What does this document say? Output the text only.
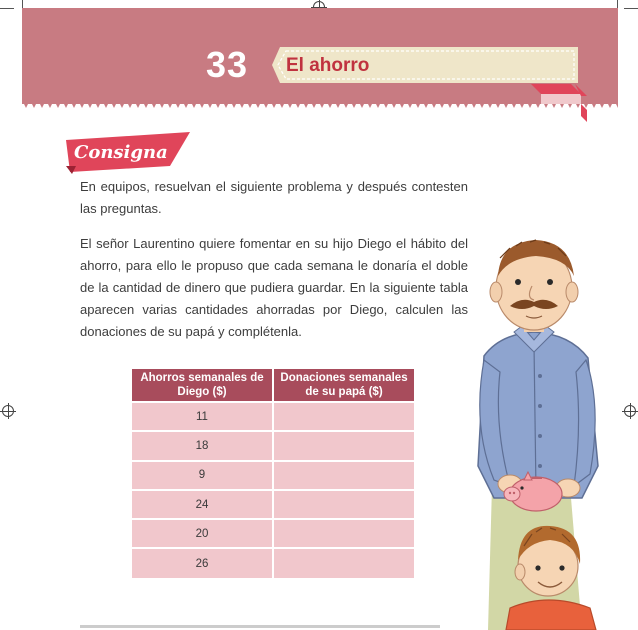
33 El ahorro
Consigna

En equipos, resuelvan el siguiente problema y después contesten las preguntas.

El señor Laurentino quiere fomentar en su hijo Diego el hábito del ahorro, para ello le propuso que cada semana le donaría el doble de la cantidad de dinero que pudiera guardar. En la siguiente tabla aparecen varias cantidades ahorradas por Diego, calculen las donaciones de su papá y complétenla.

Ahorros semanales de Diego ($)	Donaciones semanales de su papá ($)
11	
18	
9	
24	
20	
26	
